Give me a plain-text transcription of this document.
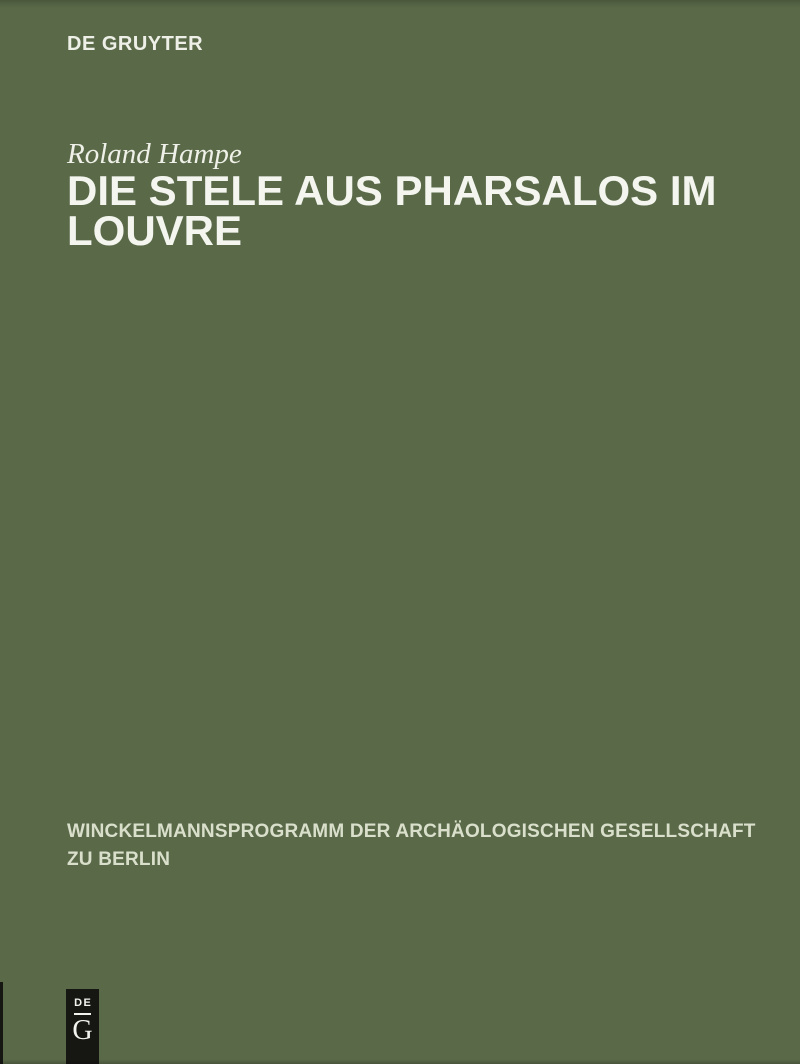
DE GRUYTER
Roland Hampe
DIE STELE AUS PHARSALOS IM LOUVRE
WINCKELMANNSPROGRAMM DER ARCHÄOLOGISCHEN GESELLSCHAFT ZU BERLIN
DE
G
